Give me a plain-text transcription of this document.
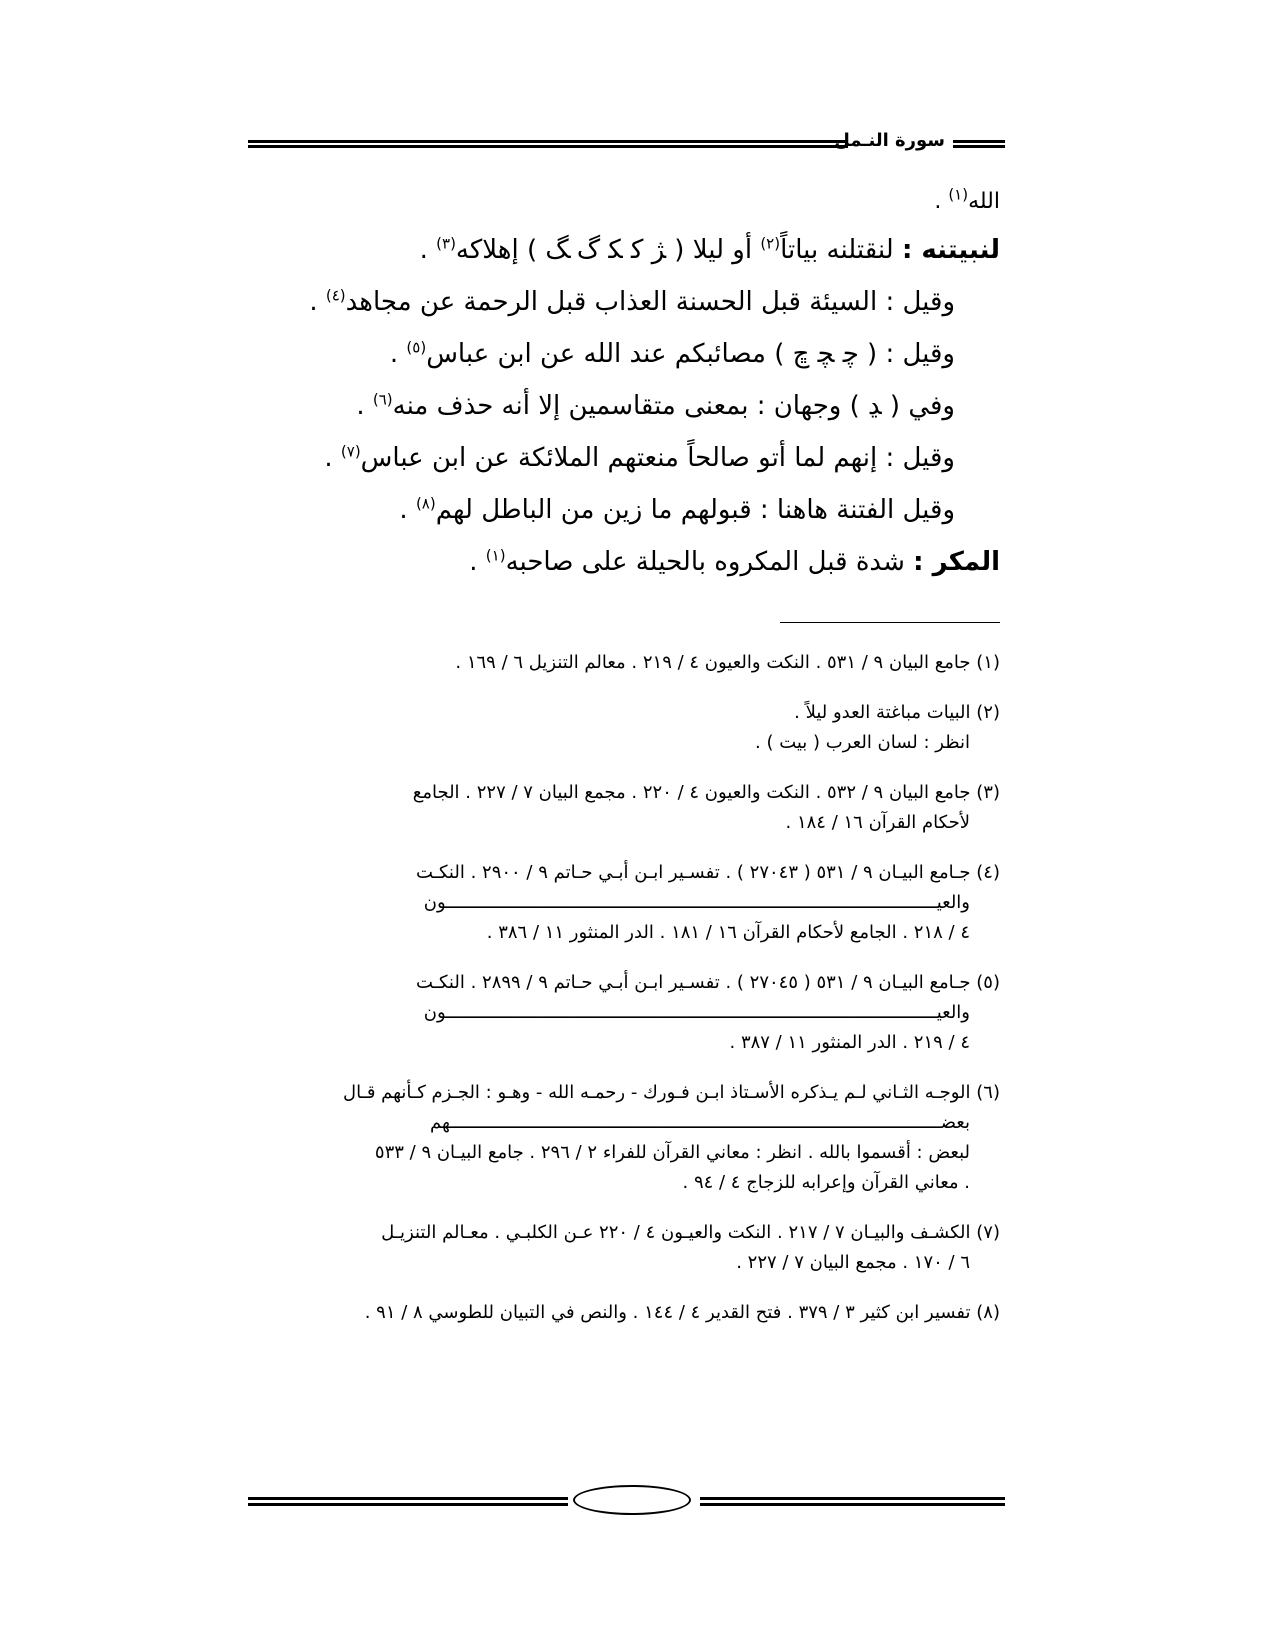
سورة النـمل
الله$^{(١)}$ .
لنبيتنه : لنقتلنه بياتاً$^{(٢)}$ أو ليلا ( ﮋ ﮐ ﮑ ﮒ ﮓ ) إهلاكه$^{(٣)}$ .
وقيل : السيئة قبل الحسنة العذاب قبل الرحمة عن مجاهد$^{(٤)}$ .
وقيل : ( ﭼ ﭽ ﭾ ) مصائبكم عند الله عن ابن عباس$^{(٥)}$ .
وفي ( ﮃ ) وجهان : بمعنى متقاسمين إلا أنه حذف منه$^{(٦)}$ .
وقيل : إنهم لما أتو صالحاً منعتهم الملائكة عن ابن عباس$^{(٧)}$ .
وقيل الفتنة هاهنا : قبولهم ما زين من الباطل لهم$^{(٨)}$ .
المكر : شدة قبل المكروه بالحيلة على صاحبه$^{(١)}$ .
(١) جامع البيان ٩ / ٥٣١ . النكت والعيون ٤ / ٢١٩ . معالم التنزيل ٦ / ١٦٩ .
(٢) البيات مباغتة العدو ليلاً .
انظر : لسان العرب ( بيت ) .
(٣) جامع البيان ٩ / ٥٣٢ . النكت والعيون ٤ / ٢٢٠ . مجمع البيان ٧ / ٢٢٧ . الجامع
لأحكام القرآن ١٦ / ١٨٤ .
(٤) جـامع البيـان ٩ / ٥٣١ ( ٢٧٠٤٣ ) . تفسـير ابـن أبـي حـاتم ٩ / ٢٩٠٠ . النكـت
والعيـــــــــــــــــــــــــــــــــــــــــــــــــــــــــــــــــــــــــــــــــــــــــــــون
٤ / ٢١٨ . الجامع لأحكام القرآن ١٦ / ١٨١ . الدر المنثور ١١ / ٣٨٦ .
(٥) جـامع البيـان ٩ / ٥٣١ ( ٢٧٠٤٥ ) . تفسـير ابـن أبـي حـاتم ٩ / ٢٨٩٩ . النكـت
والعيـــــــــــــــــــــــــــــــــــــــــــــــــــــــــــــــــــــــــــــــــــــــــــــون
٤ / ٢١٩ . الدر المنثور ١١ / ٣٨٧ .
(٦) الوجـه الثـاني لـم يـذكره الأسـتاذ ابـن فـورك - رحمـه الله - وهـو : الجـزم كـأنهم قـال
بعضـــــــــــــــــــــــــــــــــــــــــــــــــــــــــــــــــــــــــــــــــــــــــــــهم
لبعض : أقسموا بالله . انظر : معاني القرآن للفراء ٢ / ٢٩٦ . جامع البيـان ٩ / ٥٣٣
. معاني القرآن وإعرابه للزجاج ٤ / ٩٤ .
(٧) الكشـف والبيـان ٧ / ٢١٧ . النكت والعيـون ٤ / ٢٢٠ عـن الكلبـي . معـالم التنزيـل
٦ / ١٧٠ . مجمع البيان ٧ / ٢٢٧ .
(٨) تفسير ابن كثير ٣ / ٣٧٩ . فتح القدير ٤ / ١٤٤ . والنص في التبيان للطوسي ٨ / ٩١ .
